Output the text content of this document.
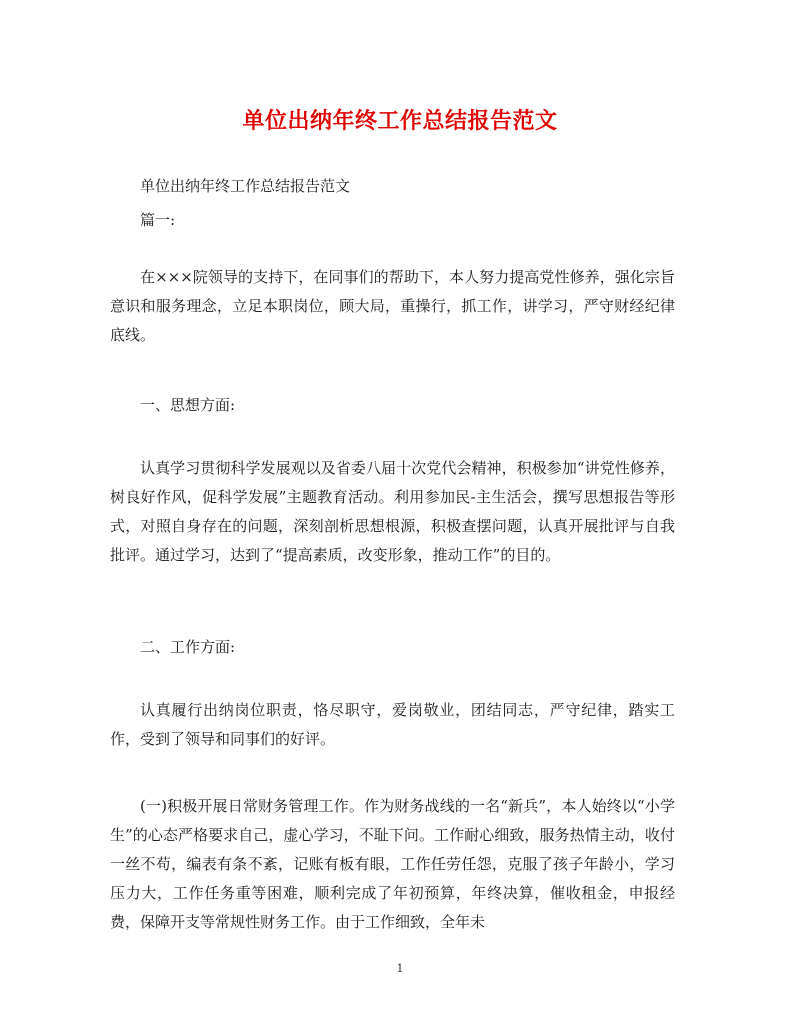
单位出纳年终工作总结报告范文

单位出纳年终工作总结报告范文

篇一:

在×××院领导的支持下，在同事们的帮助下，本人努力提高党性修养，强化宗旨意识和服务理念，立足本职岗位，顾大局，重操行，抓工作，讲学习，严守财经纪律底线。

一、思想方面:

认真学习贯彻科学发展观以及省委八届十次党代会精神，积极参加“讲党性修养，树良好作风，促科学发展”主题教育活动。利用参加民-主生活会，撰写思想报告等形式，对照自身存在的问题，深刻剖析思想根源，积极查摆问题，认真开展批评与自我批评。通过学习，达到了“提高素质，改变形象，推动工作”的目的。

二、工作方面:

认真履行出纳岗位职责，恪尽职守，爱岗敬业，团结同志，严守纪律，踏实工作，受到了领导和同事们的好评。

(一)积极开展日常财务管理工作。作为财务战线的一名“新兵”，本人始终以“小学生”的心态严格要求自己，虚心学习，不耻下问。工作耐心细致，服务热情主动，收付一丝不苟，编表有条不紊，记账有板有眼，工作任劳任怨，克服了孩子年龄小，学习压力大，工作任务重等困难，顺利完成了年初预算，年终决算，催收租金，申报经费，保障开支等常规性财务工作。由于工作细致，全年未

1
